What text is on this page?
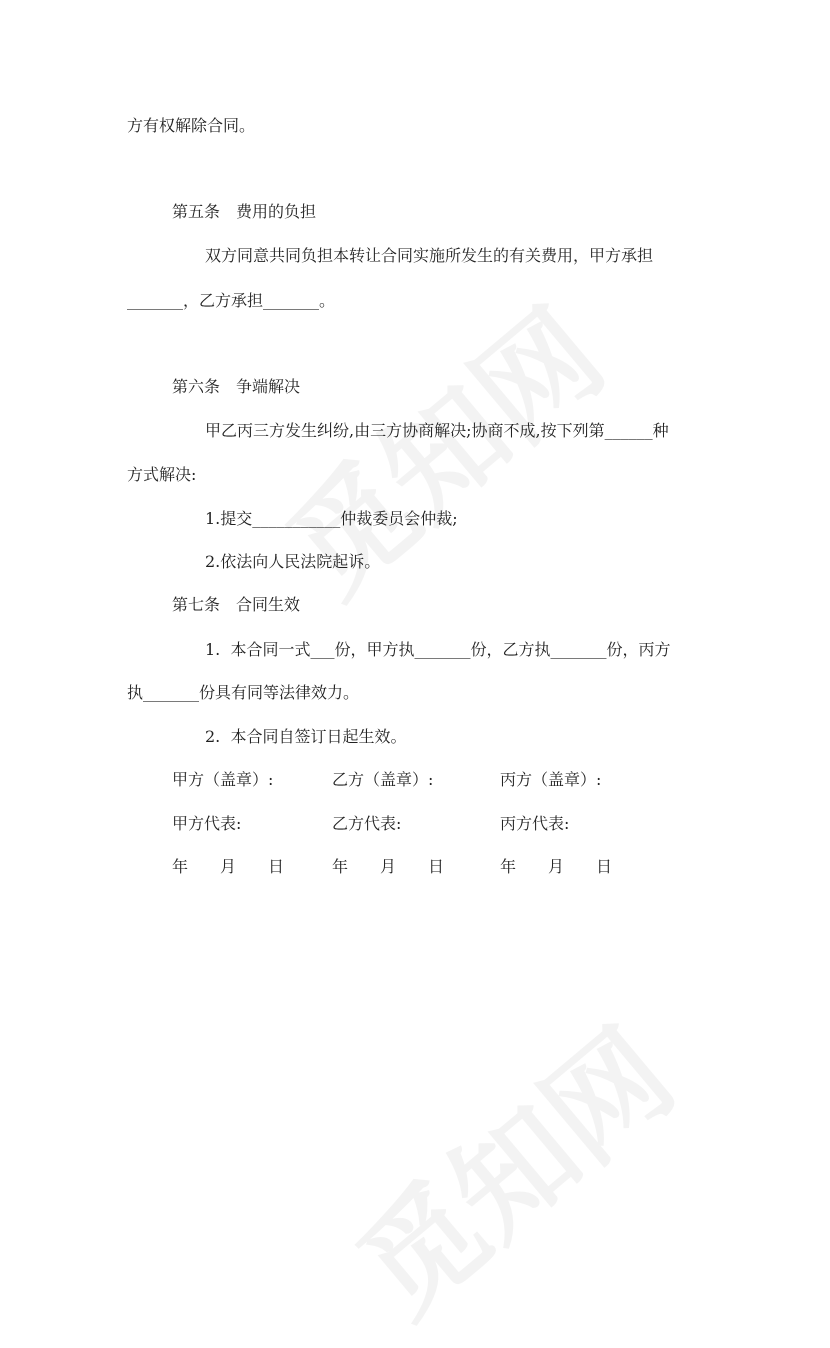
方有权解除合同。
第五条　费用的负担
双方同意共同负担本转让合同实施所发生的有关费用，甲方承担
_______，乙方承担_______。
第六条　争端解决
甲乙丙三方发生纠纷,由三方协商解决;协商不成,按下列第______种
方式解决:
1.提交___________仲裁委员会仲裁;
2.依法向人民法院起诉。
第七条　合同生效
1.  本合同一式___份，甲方执_______份，乙方执_______份，丙方
执_______份具有同等法律效力。
2.  本合同自签订日起生效。
甲方（盖章）:	乙方（盖章）:	丙方（盖章）:
甲方代表:	乙方代表:	丙方代表:
年　　月　　日	年　　月　　日	年　　月　　日
